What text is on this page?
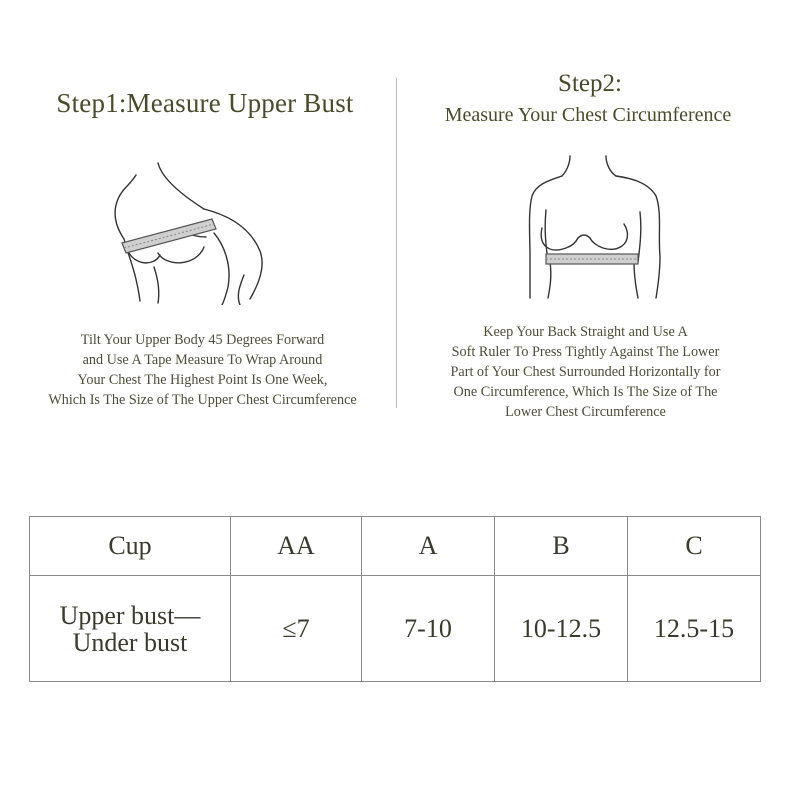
Step1:Measure Upper Bust
Step2:
Measure Your Chest Circumference
Tilt Your Upper Body 45 Degrees Forward
and Use A Tape Measure To Wrap Around
Your Chest The Highest Point Is One Week,
Which Is The Size of The Upper Chest Circumference
Keep Your Back Straight and Use A
Soft Ruler To Press Tightly Against The Lower
Part of Your Chest Surrounded Horizontally for
One Circumference, Which Is The Size of The
Lower Chest Circumference
Cup	AA	A	B	C

Upper bust—
Under bust	≤7	7-10	10-12.5	12.5-15
